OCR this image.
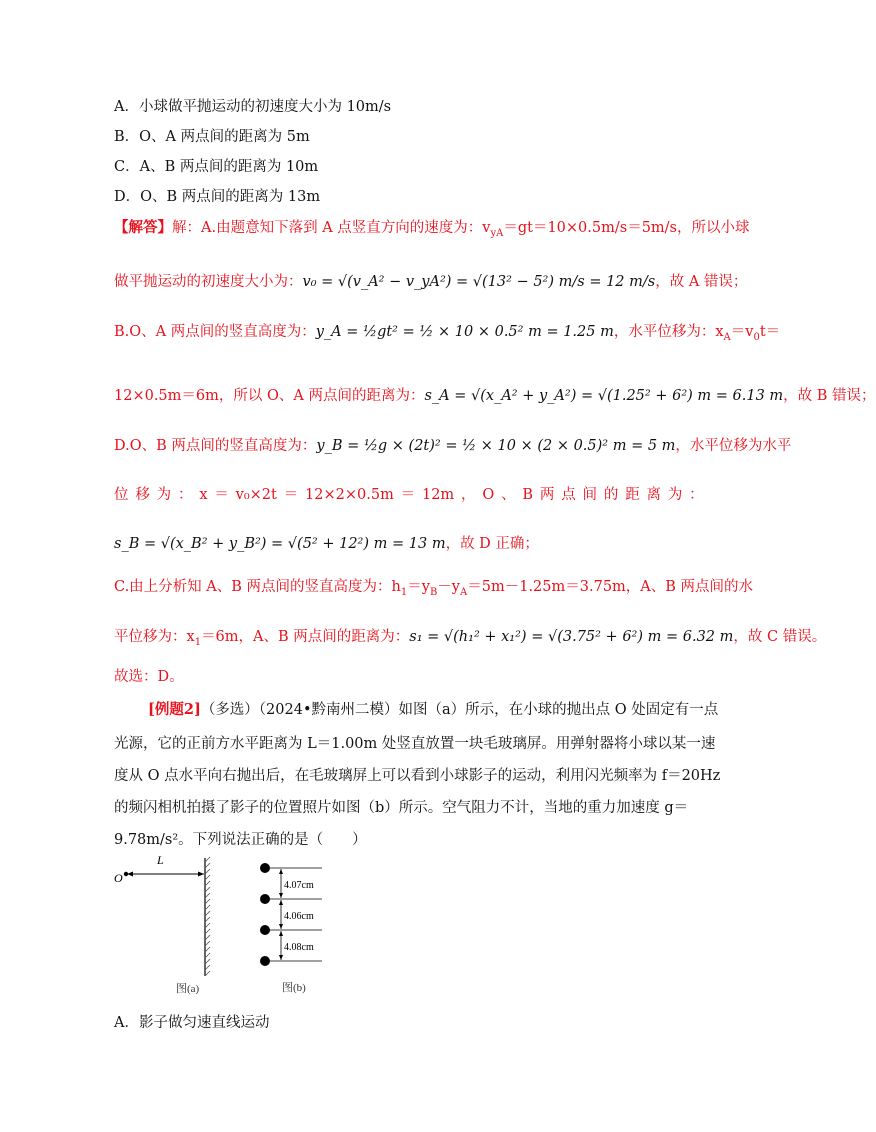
A．小球做平抛运动的初速度大小为 10m/s
B．O、A 两点间的距离为 5m
C．A、B 两点间的距离为 10m
D．O、B 两点间的距离为 13m
【解答】解：A.由题意知下落到 A 点竖直方向的速度为：$v_{yA}=gt=10\times 0.5m/s=5m/s$，所以小球
做平抛运动的初速度大小为：v₀ = √(v_A² − v_yA²) = √(13² − 5²) m/s = 12 m/s，故 A 错误；
B.O、A 两点间的竖直高度为：y_A = ½gt² = ½ × 10 × 0.5² m = 1.25 m，水平位移为：$x_A=v_0t=$
12×0.5m＝6m，所以 O、A 两点间的距离为：s_A = √(x_A² + y_A²) = √(1.25² + 6²) m = 6.13 m，故 B 错误；
D.O、B 两点间的竖直高度为：y_B = ½g × (2t)² = ½ × 10 × (2 × 0.5)² m = 5 m，水平位移为水平
位 移 为 ： x ＝ v₀×2t ＝ 12×2×0.5m ＝ 12m ， O 、 B 两 点 间 的 距 离 为 ：
s_B = √(x_B² + y_B²) = √(5² + 12²) m = 13 m，故 D 正确；
C.由上分析知 A、B 两点间的竖直高度为：$h_1=y_B-y_A=5m-1.25m=3.75m$，A、B 两点间的水
平位移为：$x_1=6m$，A、B 两点间的距离为：s₁ = √(h₁² + x₁²) = √(3.75² + 6²) m = 6.32 m，故 C 错误。
故选：D。
[例题2]（多选）（2024•黔南州二模）如图（a）所示，在小球的抛出点 O 处固定有一点
光源，它的正前方水平距离为 L＝1.00m 处竖直放置一块毛玻璃屏。用弹射器将小球以某一速
度从 O 点水平向右抛出后，在毛玻璃屏上可以看到小球影子的运动，利用闪光频率为 f＝20Hz
的频闪相机拍摄了影子的位置照片如图（b）所示。空气阻力不计，当地的重力加速度 g＝
9.78m/s²。下列说法正确的是（　　）
L
O
图(a)
4.07cm
4.06cm
4.08cm
图(b)
A．影子做匀速直线运动
